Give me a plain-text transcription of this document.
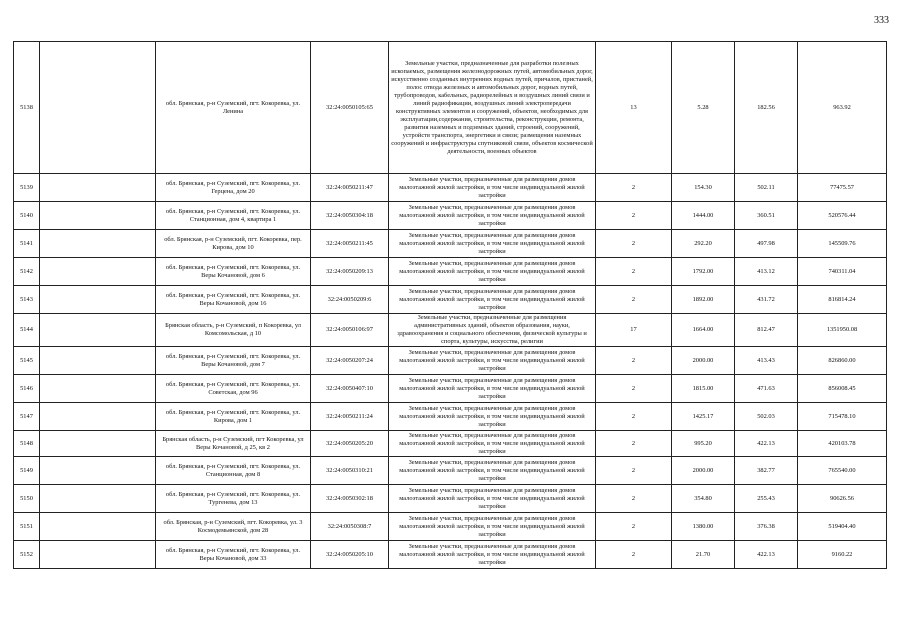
333
5138		обл. Брянская, р-н Суземский, пгт. Кокоревка, ул. Ленина	32:24:0050105:65	Земельные участки, предназначенные для разработки полезных ископаемых, размещения железнодорожных путей, автомобильных дорог, искусственно созданных внутренних водных путей, причалов, пристаней, полос отвода железных и автомобильных дорог, водных путей, трубопроводов, кабельных, радиорелейных и воздушных линий связи и линий радиофикации, воздушных линий электропередачи конструктивных элементов и сооружений, объектов, необходимых для эксплуатации,содержания, строительства, реконструкции, ремонта, развития наземных и подземных зданий, строений, сооружений, устройств транспорта, энергетики и связи; размещения наземных сооружений и инфраструктуры спутниковой связи, объектов космической деятельности, военных объектов	13	5.28	182.56	963.92
5139		обл. Брянская, р-н Суземский, пгт. Кокоревка, ул. Герцена, дом 20	32:24:0050211:47	Земельные участки, предназначенные для размещения домов малоэтажной жилой застройки, в том числе индивидуальной жилой застройки	2	154.30	502.11	77475.57
5140		обл. Брянская, р-н Суземский, пгт. Кокоревка, ул. Станционная, дом 4, квартира 1	32:24:0050304:18	Земельные участки, предназначенные для размещения домов малоэтажной жилой застройки, в том числе индивидуальной жилой застройки	2	1444.00	360.51	520576.44
5141		обл. Брянская, р-н Суземский, пгт. Кокоревка, пер. Кирова, дом 10	32:24:0050211:45	Земельные участки, предназначенные для размещения домов малоэтажной жилой застройки, в том числе индивидуальной жилой застройки	2	292.20	497.98	145509.76
5142		обл. Брянская, р-н Суземский, пгт. Кокоревка, ул. Веры Кочановой, дом 6	32:24:0050209:13	Земельные участки, предназначенные для размещения домов малоэтажной жилой застройки, в том числе индивидуальной жилой застройки	2	1792.00	413.12	740311.04
5143		обл. Брянская, р-н Суземский, пгт. Кокоревка, ул. Веры Кочановой, дом 16	32:24:0050209:6	Земельные участки, предназначенные для размещения домов малоэтажной жилой застройки, в том числе индивидуальной жилой застройки	2	1892.00	431.72	816814.24
5144		Брянская область, р-н Суземский, п Кокоревка, ул Комсомольская, д 10	32:24:0050106:97	Земельные участки, предназначенные для размещения административных зданий, объектов образования, науки, здравоохранения и социального обеспечения, физической культуры и спорта, культуры, искусства, религии	17	1664.00	812.47	1351950.08
5145		обл. Брянская, р-н Суземский, пгт. Кокоревка, ул. Веры Кочановой, дом 7	32:24:0050207:24	Земельные участки, предназначенные для размещения домов малоэтажной жилой застройки, в том числе индивидуальной жилой застройки	2	2000.00	413.43	826860.00
5146		обл. Брянская, р-н Суземский, пгт. Кокоревка, ул. Советская, дом 96	32:24:0050407:10	Земельные участки, предназначенные для размещения домов малоэтажной жилой застройки, в том числе индивидуальной жилой застройки	2	1815.00	471.63	856008.45
5147		обл. Брянская, р-н Суземский, пгт. Кокоревка, ул. Кирова, дом 1	32:24:0050211:24	Земельные участки, предназначенные для размещения домов малоэтажной жилой застройки, в том числе индивидуальной жилой застройки	2	1425.17	502.03	715478.10
5148		Брянская область, р-н Суземский, пгт Кокоревка, ул Веры Кочановой, д 25, кв 2	32:24:0050205:20	Земельные участки, предназначенные для размещения домов малоэтажной жилой застройки, в том числе индивидуальной жилой застройки	2	995.20	422.13	420103.78
5149		обл. Брянская, р-н Суземский, пгт. Кокоревка, ул. Станционная, дом 8	32:24:0050310:21	Земельные участки, предназначенные для размещения домов малоэтажной жилой застройки, в том числе индивидуальной жилой застройки	2	2000.00	382.77	765540.00
5150		обл. Брянская, р-н Суземский, пгт. Кокоревка, ул. Тургенева, дом 13	32:24:0050302:18	Земельные участки, предназначенные для размещения домов малоэтажной жилой застройки, в том числе индивидуальной жилой застройки	2	354.80	255.43	90626.56
5151		обл. Брянская, р-н Суземский, пгт. Кокоревка, ул. 3 Космодемьянской, дом 28	32:24:0050308:7	Земельные участки, предназначенные для размещения домов малоэтажной жилой застройки, в том числе индивидуальной жилой застройки	2	1380.00	376.38	519404.40
5152		обл. Брянская, р-н Суземский, пгт. Кокоревка, ул. Веры Кочановой, дом 33	32:24:0050205:10	Земельные участки, предназначенные для размещения домов малоэтажной жилой застройки, в том числе индивидуальной жилой застройки	2	21.70	422.13	9160.22
